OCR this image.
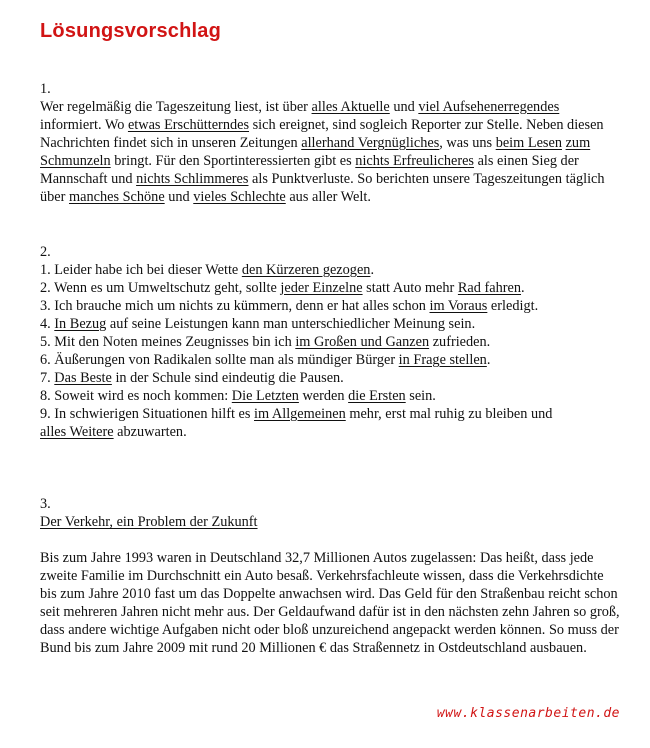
Lösungsvorschlag
1.
Wer regelmäßig die Tageszeitung liest, ist über alles Aktuelle und viel Aufsehenerregendes informiert. Wo etwas Erschütterndes sich ereignet, sind sogleich Reporter zur Stelle. Neben diesen Nachrichten findet sich in unseren Zeitungen allerhand Vergnügliches, was uns beim Lesen zum Schmunzeln bringt. Für den Sportinteressierten gibt es nichts Erfreulicheres als einen Sieg der Mannschaft und nichts Schlimmeres als Punktverluste. So berichten unsere Tageszeitungen täglich über manches Schöne und vieles Schlechte aus aller Welt.
2.
1. Leider habe ich bei dieser Wette den Kürzeren gezogen.
2. Wenn es um Umweltschutz geht, sollte jeder Einzelne statt Auto mehr Rad fahren.
3. Ich brauche mich um nichts zu kümmern, denn er hat alles schon im Voraus erledigt.
4. In Bezug auf seine Leistungen kann man unterschiedlicher Meinung sein.
5. Mit den Noten meines Zeugnisses bin ich im Großen und Ganzen zufrieden.
6. Äußerungen von Radikalen sollte man als mündiger Bürger in Frage stellen.
7. Das Beste in der Schule sind eindeutig die Pausen.
8. Soweit wird es noch kommen: Die Letzten werden die Ersten sein.
9. In schwierigen Situationen hilft es im Allgemeinen mehr, erst mal ruhig zu bleiben und
alles Weitere abzuwarten.
3.
Der Verkehr, ein Problem der Zukunft
Bis zum Jahre 1993 waren in Deutschland 32,7 Millionen Autos zugelassen: Das heißt, dass jede zweite Familie im Durchschnitt ein Auto besaß. Verkehrsfachleute wissen, dass die Verkehrsdichte bis zum Jahre 2010 fast um das Doppelte anwachsen wird. Das Geld für den Straßenbau reicht schon seit mehreren Jahren nicht mehr aus. Der Geldaufwand dafür ist in den nächsten zehn Jahren so groß, dass andere wichtige Aufgaben nicht oder bloß unzureichend angepackt werden können. So muss der Bund bis zum Jahre 2009 mit rund 20 Millionen € das Straßennetz in Ostdeutschland ausbauen.
www.klassenarbeiten.de
